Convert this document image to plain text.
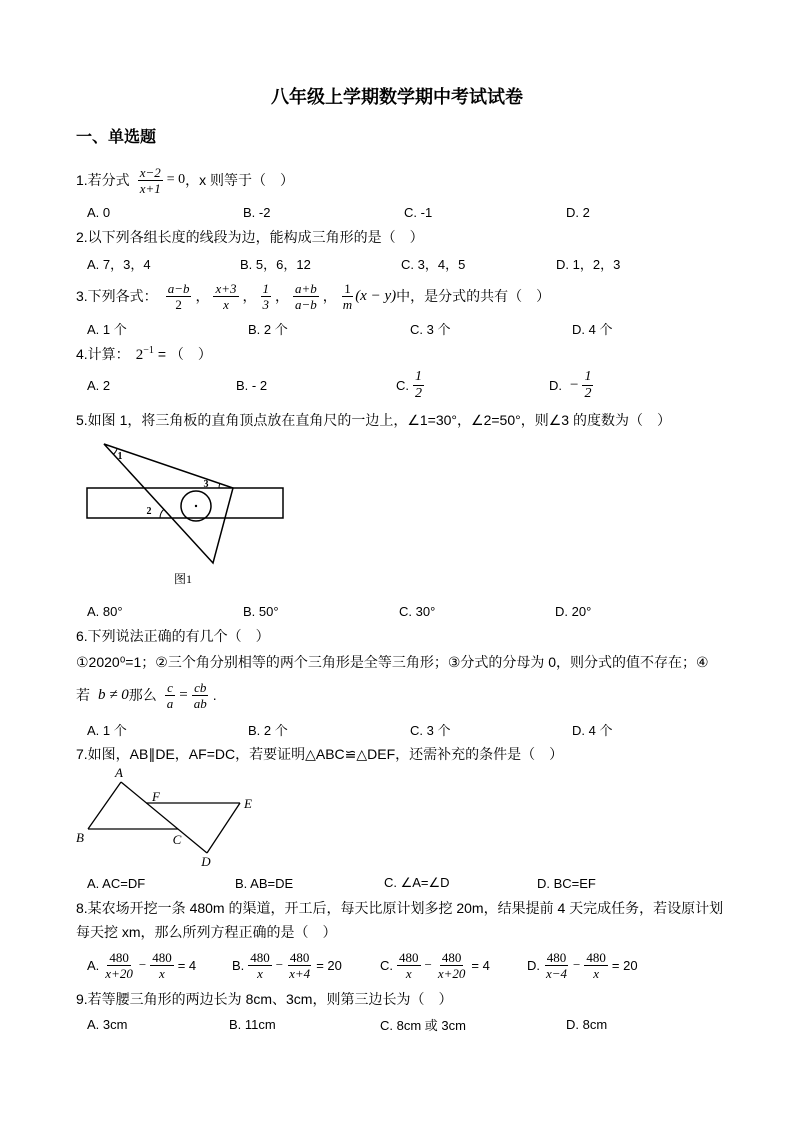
八年级上学期数学期中考试试卷
一、单选题
1.若分式 $\frac{x-2}{x+1} = 0$ ，x 则等于（　）
A. 0	B. -2	C. -1	D. 2
2.以下列各组长度的线段为边，能构成三角形的是（　）
A. 7，3，4	B. 5，6，12	C. 3，4，5	D. 1，2，3
3.下列各式： $\frac{a-b}{2}$ ， $\frac{x+3}{x}$ ， $\frac{1}{3}$ ， $\frac{a+b}{a-b}$ ， $\frac{1}{m} (x - y)$ 中，是分式的共有（　）
A. 1 个	B. 2 个	C. 3 个	D. 4 个
4.计算： $2^{-1}$ = （　）
A. 2	B. - 2	C. $\frac{1}{2}$	D. − $\frac{1}{2}$
5.如图 1，将三角板的直角顶点放在直角尺的一边上，∠1=30°，∠2=50°，则∠3 的度数为（　）
1
2
3
图1
A. 80°	B. 50°	C. 30°	D. 20°
6.下列说法正确的有几个（　）
①2020⁰=1；②三个角分别相等的两个三角形是全等三角形；③分式的分母为 0，则分式的值不存在；④
若 b ≠ 0 那么 $\frac{c}{a} = \frac{cb}{ab}$ .
A. 1 个	B. 2 个	C. 3 个	D. 4 个
7.如图，AB∥DE，AF=DC，若要证明△ABC≌△DEF，还需补充的条件是（　）
A
F	E
B	C
D
A. AC=DF	B. AB=DE	C. ∠A=∠D	D. BC=EF
8.某农场开挖一条 480m 的渠道，开工后，每天比原计划多挖 20m，结果提前 4 天完成任务，若设原计划
每天挖 xm，那么所列方程正确的是（　）
A. $\frac{480}{x+20} - \frac{480}{x} = 4$	B. $\frac{480}{x} - \frac{480}{x+4} = 20$	C. $\frac{480}{x} - \frac{480}{x+20} = 4$	D. $\frac{480}{x-4} - \frac{480}{x} = 20$
9.若等腰三角形的两边长为 8cm、3cm，则第三边长为（　）
A. 3cm	B. 11cm	C. 8cm 或 3cm	D. 8cm
